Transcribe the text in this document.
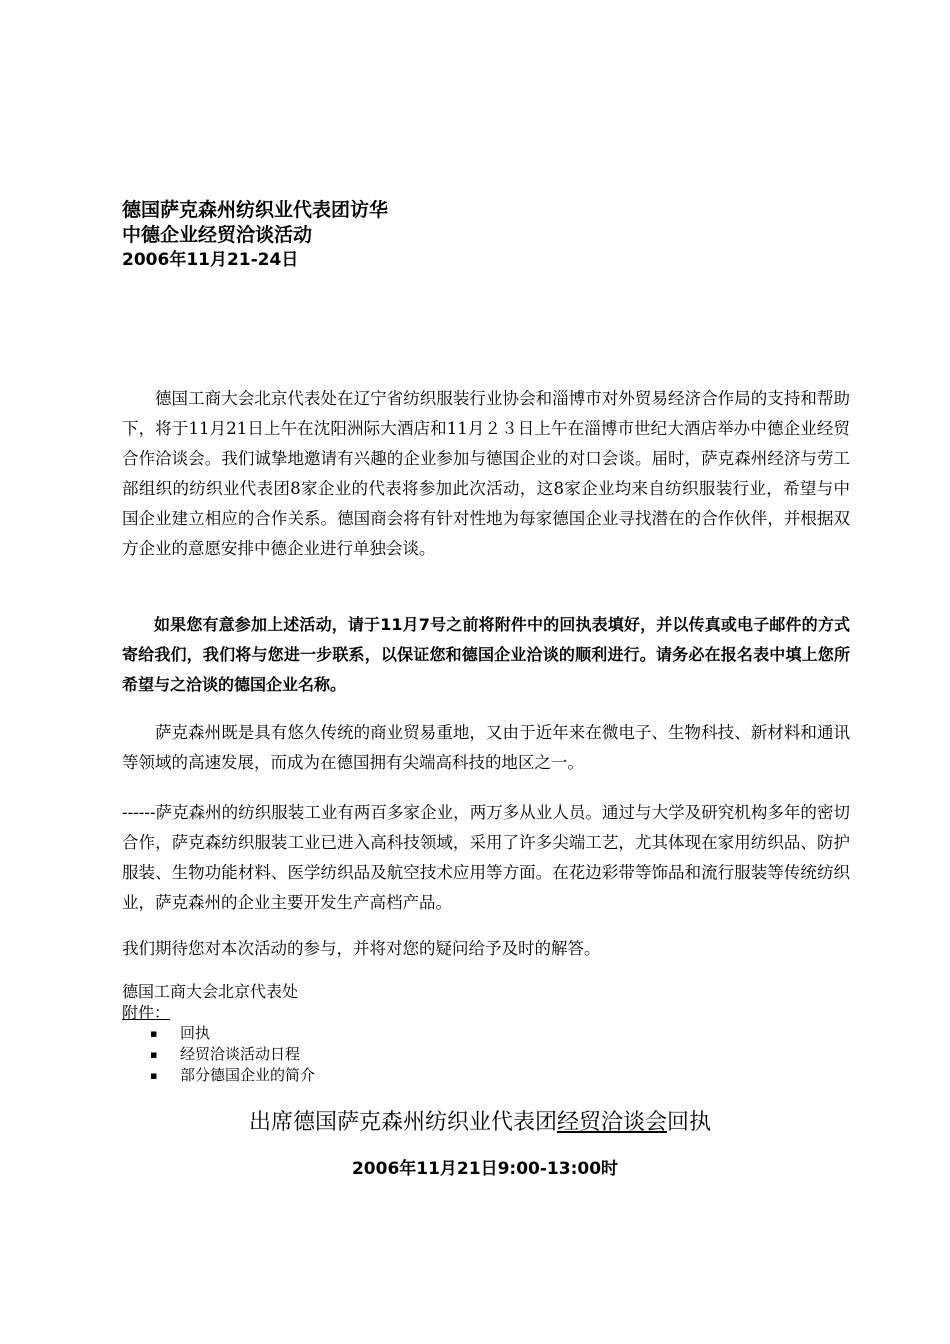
德国萨克森州纺织业代表团访华
中德企业经贸洽谈活动
2006年11月21-24日

德国工商大会北京代表处在辽宁省纺织服装行业协会和淄博市对外贸易经济合作局的支持和帮助下，将于11月21日上午在沈阳洲际大酒店和11月２３日上午在淄博市世纪大酒店举办中德企业经贸合作洽谈会。我们诚挚地邀请有兴趣的企业参加与德国企业的对口会谈。届时，萨克森州经济与劳工部组织的纺织业代表团8家企业的代表将参加此次活动，这8家企业均来自纺织服装行业，希望与中国企业建立相应的合作关系。德国商会将有针对性地为每家德国企业寻找潜在的合作伙伴，并根据双方企业的意愿安排中德企业进行单独会谈。

如果您有意参加上述活动，请于11月7号之前将附件中的回执表填好，并以传真或电子邮件的方式寄给我们，我们将与您进一步联系，以保证您和德国企业洽谈的顺利进行。请务必在报名表中填上您所希望与之洽谈的德国企业名称。

萨克森州既是具有悠久传统的商业贸易重地，又由于近年来在微电子、生物科技、新材料和通讯等领域的高速发展，而成为在德国拥有尖端高科技的地区之一。

------萨克森州的纺织服装工业有两百多家企业，两万多从业人员。通过与大学及研究机构多年的密切合作，萨克森纺织服装工业已进入高科技领域，采用了许多尖端工艺，尤其体现在家用纺织品、防护服装、生物功能材料、医学纺织品及航空技术应用等方面。在花边彩带等饰品和流行服装等传统纺织业，萨克森州的企业主要开发生产高档产品。

我们期待您对本次活动的参与，并将对您的疑问给予及时的解答。

德国工商大会北京代表处
附件：
▪ 回执
▪ 经贸洽谈活动日程
▪ 部分德国企业的简介
出席德国萨克森州纺织业代表团经贸洽谈会回执
2006年11月21日9:00-13:00时
